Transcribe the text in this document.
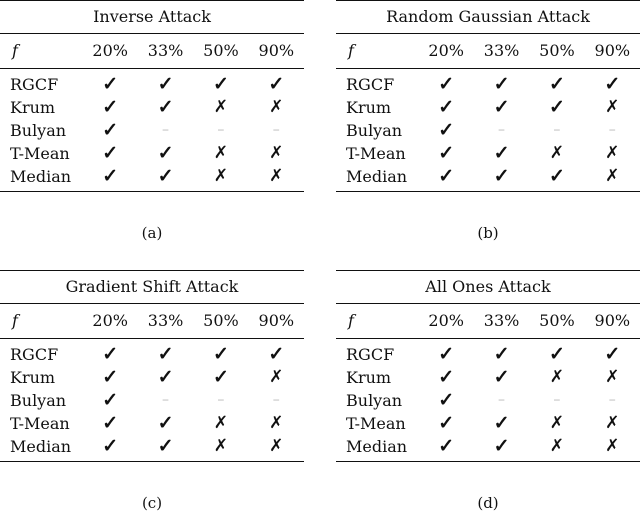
Inverse Attack				
f	20%	33%	50%	90%
RGCF	✓	✓	✓	✓
Krum	✓	✓	✗	✗
Bulyan	✓	–	–	–
T-Mean	✓	✓	✗	✗
Median	✓	✓	✗	✗
(a)
Random Gaussian Attack				
f	20%	33%	50%	90%
RGCF	✓	✓	✓	✓
Krum	✓	✓	✓	✗
Bulyan	✓	–	–	–
T-Mean	✓	✓	✗	✗
Median	✓	✓	✓	✗
(b)
Gradient Shift Attack				
f	20%	33%	50%	90%
RGCF	✓	✓	✓	✓
Krum	✓	✓	✓	✗
Bulyan	✓	–	–	–
T-Mean	✓	✓	✗	✗
Median	✓	✓	✗	✗
(c)
All Ones Attack				
f	20%	33%	50%	90%
RGCF	✓	✓	✓	✓
Krum	✓	✓	✗	✗
Bulyan	✓	–	–	–
T-Mean	✓	✓	✗	✗
Median	✓	✓	✗	✗
(d)
